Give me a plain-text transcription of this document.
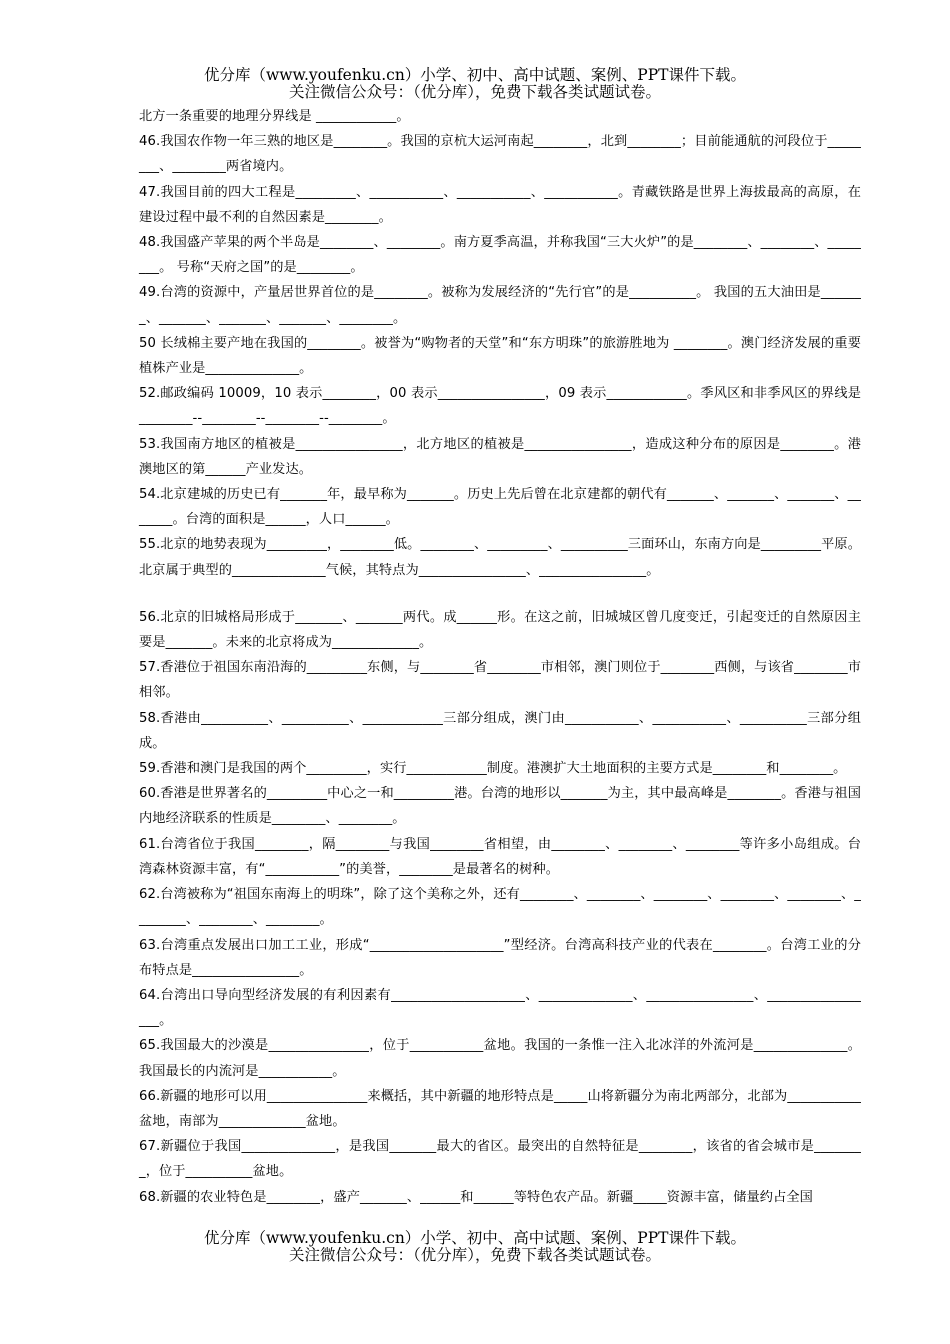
优分库（www.youfenku.cn）小学、初中、高中试题、案例、PPT课件下载。
关注微信公众号：（优分库），免费下载各类试题试卷。

北方一条重要的地理分界线是 ____________。

46.我国农作物一年三熟的地区是________。我国的京杭大运河南起________，北到________；目前能通航的河段位于________、________两省境内。

47.我国目前的四大工程是_________、___________、___________、___________。青藏铁路是世界上海拔最高的高原，在建设过程中最不利的自然因素是________。

48.我国盛产苹果的两个半岛是________、________。南方夏季高温，并称我国“三大火炉”的是________、________、________。 号称“天府之国”的是________。

49.台湾的资源中，产量居世界首位的是________。被称为发展经济的“先行官”的是__________。 我国的五大油田是_______、_______、_______、_______、________。

50 长绒棉主要产地在我国的________。被誉为“购物者的天堂”和“东方明珠”的旅游胜地为 ________。澳门经济发展的重要植株产业是______________。

52.邮政编码 10009，10 表示________，00 表示________________，09 表示____________。季风区和非季风区的界线是________--________--________--________。

53.我国南方地区的植被是________________，北方地区的植被是________________，造成这种分布的原因是________。港澳地区的第______产业发达。

54.北京建城的历史已有_______年，最早称为_______。历史上先后曾在北京建都的朝代有_______、_______、_______、_______。台湾的面积是______，人口______。

55.北京的地势表现为_________，________低。________、_________、__________三面环山，东南方向是_________平原。北京属于典型的______________气候，其特点为________________、________________。

56.北京的旧城格局形成于_______、_______两代。成______形。在这之前，旧城城区曾几度变迁，引起变迁的自然原因主要是_______。未来的北京将成为_____________。

57.香港位于祖国东南沿海的_________东侧，与________省________市相邻，澳门则位于________西侧，与该省________市相邻。

58.香港由__________、__________、____________三部分组成，澳门由___________、___________、__________三部分组成。

59.香港和澳门是我国的两个_________，实行____________制度。港澳扩大土地面积的主要方式是________和________。

60.香港是世界著名的_________中心之一和_________港。台湾的地形以_______为主，其中最高峰是________。香港与祖国内地经济联系的性质是________、________。

61.台湾省位于我国________，隔________与我国________省相望，由________、________、________等许多小岛组成。台湾森林资源丰富，有“___________”的美誉，________是最著名的树种。

62.台湾被称为“祖国东南海上的明珠”，除了这个美称之外，还有________、________、________、________、________、________、________、________。

63.台湾重点发展出口加工工业，形成“____________________”型经济。台湾高科技产业的代表在________。台湾工业的分布特点是________________。

64.台湾出口导向型经济发展的有利因素有____________________、______________、________________、_________________。

65.我国最大的沙漠是_______________，位于___________盆地。我国的一条惟一注入北冰洋的外流河是______________。我国最长的内流河是___________。

66.新疆的地形可以用_______________来概括，其中新疆的地形特点是_____山将新疆分为南北两部分，北部为___________盆地，南部为_____________盆地。

67.新疆位于我国______________，是我国_______最大的省区。最突出的自然特征是________，该省的省会城市是________，位于__________盆地。

68.新疆的农业特色是________，盛产_______、______和______等特色农产品。新疆_____资源丰富，储量约占全国

优分库（www.youfenku.cn）小学、初中、高中试题、案例、PPT课件下载。
关注微信公众号：（优分库），免费下载各类试题试卷。
